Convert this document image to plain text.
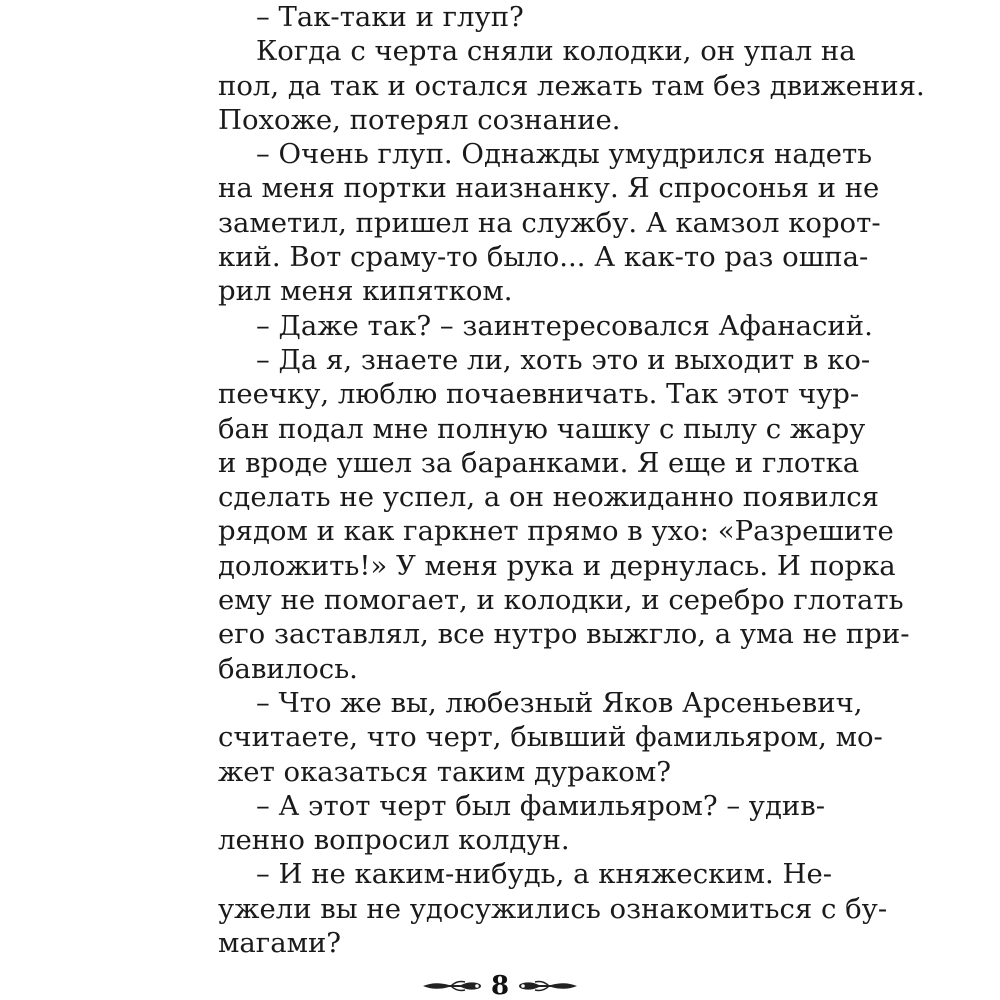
– Так-таки и глуп?
Когда с черта сняли колодки, он упал на
пол, да так и остался лежать там без движения.
Похоже, потерял сознание.
– Очень глуп. Однажды умудрился надеть
на меня портки наизнанку. Я спросонья и не
заметил, пришел на службу. А камзол корот-
кий. Вот сраму-то было... А как-то раз ошпа-
рил меня кипятком.
– Даже так? – заинтересовался Афанасий.
– Да я, знаете ли, хоть это и выходит в ко-
пеечку, люблю почаевничать. Так этот чур-
бан подал мне полную чашку с пылу с жару
и вроде ушел за баранками. Я еще и глотка
сделать не успел, а он неожиданно появился
рядом и как гаркнет прямо в ухо: «Разрешите
доложить!» У меня рука и дернулась. И порка
ему не помогает, и колодки, и серебро глотать
его заставлял, все нутро выжгло, а ума не при-
бавилось.
– Что же вы, любезный Яков Арсеньевич,
считаете, что черт, бывший фамильяром, мо-
жет оказаться таким дураком?
– А этот черт был фамильяром? – удив-
ленно вопросил колдун.
– И не каким-нибудь, а княжеским. Не-
ужели вы не удосужились ознакомиться с бу-
магами?
8
